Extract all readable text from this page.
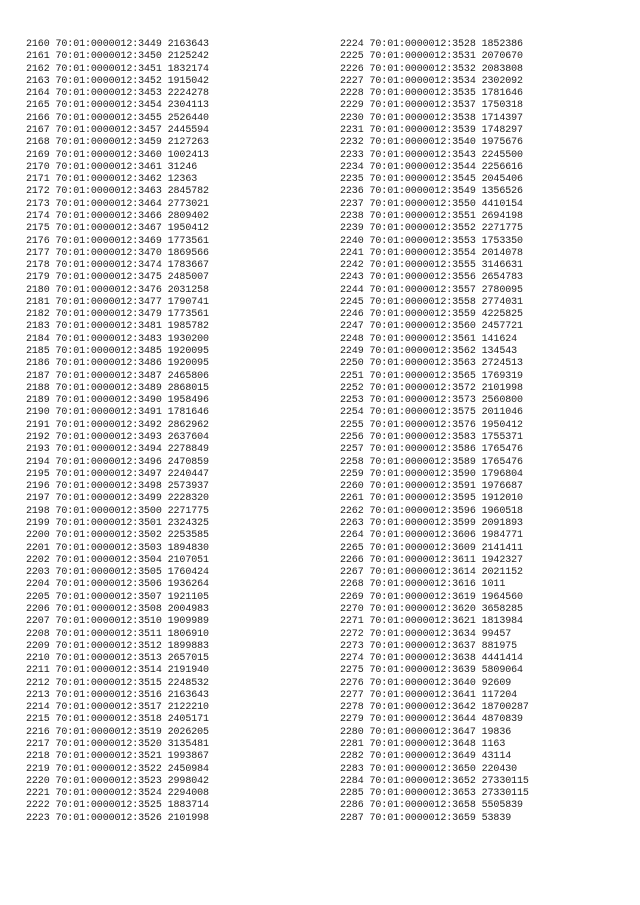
2160 70:01:0000012:3449 2163643
2161 70:01:0000012:3450 2125242
2162 70:01:0000012:3451 1832174
2163 70:01:0000012:3452 1915042
2164 70:01:0000012:3453 2224278
2165 70:01:0000012:3454 2304113
2166 70:01:0000012:3455 2526440
2167 70:01:0000012:3457 2445594
2168 70:01:0000012:3459 2127263
2169 70:01:0000012:3460 1002413
2170 70:01:0000012:3461 31246
2171 70:01:0000012:3462 12363
2172 70:01:0000012:3463 2845782
2173 70:01:0000012:3464 2773021
2174 70:01:0000012:3466 2809402
2175 70:01:0000012:3467 1950412
2176 70:01:0000012:3469 1773561
2177 70:01:0000012:3470 1869566
2178 70:01:0000012:3474 1783667
2179 70:01:0000012:3475 2485007
2180 70:01:0000012:3476 2031258
2181 70:01:0000012:3477 1790741
2182 70:01:0000012:3479 1773561
2183 70:01:0000012:3481 1985782
2184 70:01:0000012:3483 1930200
2185 70:01:0000012:3485 1920095
2186 70:01:0000012:3486 1920095
2187 70:01:0000012:3487 2465806
2188 70:01:0000012:3489 2868015
2189 70:01:0000012:3490 1958496
2190 70:01:0000012:3491 1781646
2191 70:01:0000012:3492 2862962
2192 70:01:0000012:3493 2637604
2193 70:01:0000012:3494 2278849
2194 70:01:0000012:3496 2470859
2195 70:01:0000012:3497 2240447
2196 70:01:0000012:3498 2573937
2197 70:01:0000012:3499 2228320
2198 70:01:0000012:3500 2271775
2199 70:01:0000012:3501 2324325
2200 70:01:0000012:3502 2253585
2201 70:01:0000012:3503 1894830
2202 70:01:0000012:3504 2107051
2203 70:01:0000012:3505 1760424
2204 70:01:0000012:3506 1936264
2205 70:01:0000012:3507 1921105
2206 70:01:0000012:3508 2004983
2207 70:01:0000012:3510 1909989
2208 70:01:0000012:3511 1806910
2209 70:01:0000012:3512 1899883
2210 70:01:0000012:3513 2657015
2211 70:01:0000012:3514 2191940
2212 70:01:0000012:3515 2248532
2213 70:01:0000012:3516 2163643
2214 70:01:0000012:3517 2122210
2215 70:01:0000012:3518 2405171
2216 70:01:0000012:3519 2026205
2217 70:01:0000012:3520 3135481
2218 70:01:0000012:3521 1993867
2219 70:01:0000012:3522 2450984
2220 70:01:0000012:3523 2998042
2221 70:01:0000012:3524 2294008
2222 70:01:0000012:3525 1883714
2223 70:01:0000012:3526 2101998
2224 70:01:0000012:3528 1852386
2225 70:01:0000012:3531 2070670
2226 70:01:0000012:3532 2083808
2227 70:01:0000012:3534 2302092
2228 70:01:0000012:3535 1781646
2229 70:01:0000012:3537 1750318
2230 70:01:0000012:3538 1714397
2231 70:01:0000012:3539 1748297
2232 70:01:0000012:3540 1975676
2233 70:01:0000012:3543 2245500
2234 70:01:0000012:3544 2256616
2235 70:01:0000012:3545 2045406
2236 70:01:0000012:3549 1356526
2237 70:01:0000012:3550 4410154
2238 70:01:0000012:3551 2694198
2239 70:01:0000012:3552 2271775
2240 70:01:0000012:3553 1753350
2241 70:01:0000012:3554 2014078
2242 70:01:0000012:3555 3146631
2243 70:01:0000012:3556 2654783
2244 70:01:0000012:3557 2780095
2245 70:01:0000012:3558 2774031
2246 70:01:0000012:3559 4225825
2247 70:01:0000012:3560 2457721
2248 70:01:0000012:3561 141624
2249 70:01:0000012:3562 134543
2250 70:01:0000012:3563 2724513
2251 70:01:0000012:3565 1769319
2252 70:01:0000012:3572 2101998
2253 70:01:0000012:3573 2560800
2254 70:01:0000012:3575 2011046
2255 70:01:0000012:3576 1950412
2256 70:01:0000012:3583 1755371
2257 70:01:0000012:3586 1765476
2258 70:01:0000012:3589 1765476
2259 70:01:0000012:3590 1796804
2260 70:01:0000012:3591 1976687
2261 70:01:0000012:3595 1912010
2262 70:01:0000012:3596 1960518
2263 70:01:0000012:3599 2091893
2264 70:01:0000012:3606 1984771
2265 70:01:0000012:3609 2141411
2266 70:01:0000012:3611 1942327
2267 70:01:0000012:3614 2021152
2268 70:01:0000012:3616 1011
2269 70:01:0000012:3619 1964560
2270 70:01:0000012:3620 3658285
2271 70:01:0000012:3621 1813984
2272 70:01:0000012:3634 99457
2273 70:01:0000012:3637 881975
2274 70:01:0000012:3638 4441414
2275 70:01:0000012:3639 5809064
2276 70:01:0000012:3640 92609
2277 70:01:0000012:3641 117204
2278 70:01:0000012:3642 18700287
2279 70:01:0000012:3644 4870839
2280 70:01:0000012:3647 19836
2281 70:01:0000012:3648 1163
2282 70:01:0000012:3649 43114
2283 70:01:0000012:3650 220430
2284 70:01:0000012:3652 27330115
2285 70:01:0000012:3653 27330115
2286 70:01:0000012:3658 5505839
2287 70:01:0000012:3659 53839
